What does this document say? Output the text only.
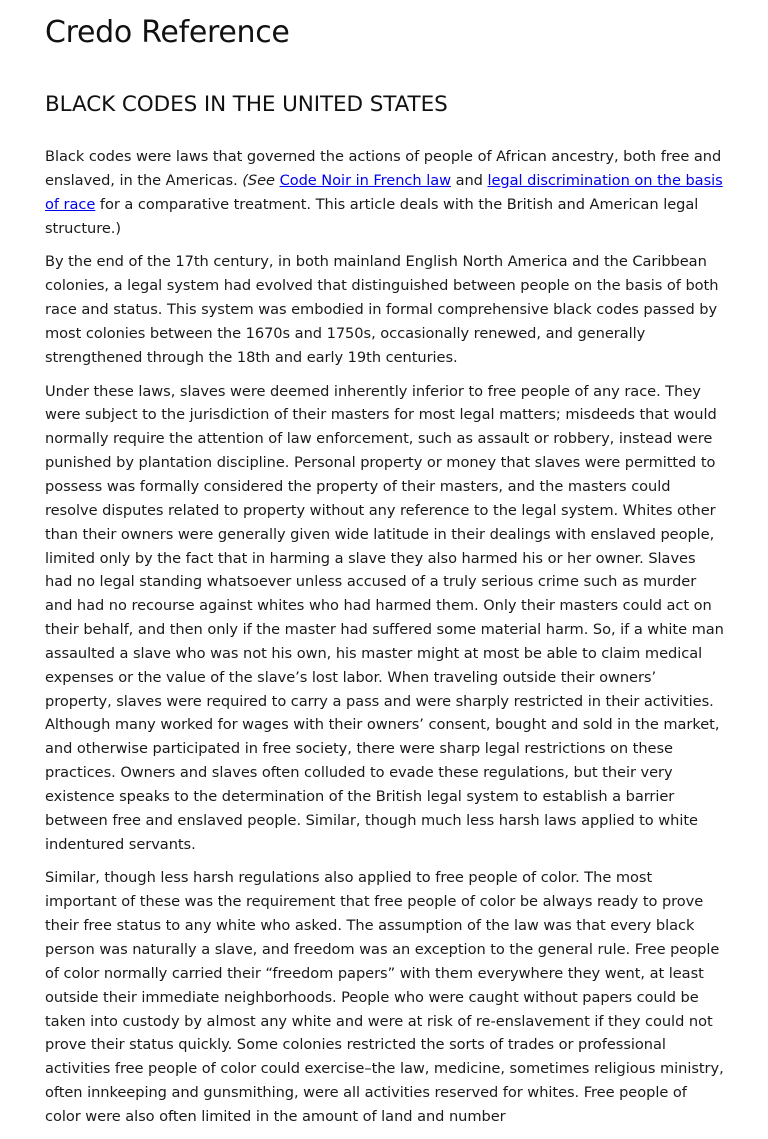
Credo Reference
BLACK CODES IN THE UNITED STATES

Black codes were laws that governed the actions of people of African ancestry, both free and enslaved, in the Americas. (See Code Noir in French law and legal discrimination on the basis of race for a comparative treatment. This article deals with the British and American legal structure.)

By the end of the 17th century, in both mainland English North America and the Caribbean colonies, a legal system had evolved that distinguished between people on the basis of both race and status. This system was embodied in formal comprehensive black codes passed by most colonies between the 1670s and 1750s, occasionally renewed, and generally strengthened through the 18th and early 19th centuries.

Under these laws, slaves were deemed inherently inferior to free people of any race. They were subject to the jurisdiction of their masters for most legal matters; misdeeds that would normally require the attention of law enforcement, such as assault or robbery, instead were punished by plantation discipline. Personal property or money that slaves were permitted to possess was formally considered the property of their masters, and the masters could resolve disputes related to property without any reference to the legal system. Whites other than their owners were generally given wide latitude in their dealings with enslaved people, limited only by the fact that in harming a slave they also harmed his or her owner. Slaves had no legal standing whatsoever unless accused of a truly serious crime such as murder and had no recourse against whites who had harmed them. Only their masters could act on their behalf, and then only if the master had suffered some material harm. So, if a white man assaulted a slave who was not his own, his master might at most be able to claim medical expenses or the value of the slave’s lost labor. When traveling outside their owners’ property, slaves were required to carry a pass and were sharply restricted in their activities. Although many worked for wages with their owners’ consent, bought and sold in the market, and otherwise participated in free society, there were sharp legal restrictions on these practices. Owners and slaves often colluded to evade these regulations, but their very existence speaks to the determination of the British legal system to establish a barrier between free and enslaved people. Similar, though much less harsh laws applied to white indentured servants.

Similar, though less harsh regulations also applied to free people of color. The most important of these was the requirement that free people of color be always ready to prove their free status to any white who asked. The assumption of the law was that every black person was naturally a slave, and freedom was an exception to the general rule. Free people of color normally carried their “freedom papers” with them everywhere they went, at least outside their immediate neighborhoods. People who were caught without papers could be taken into custody by almost any white and were at risk of re-enslavement if they could not prove their status quickly. Some colonies restricted the sorts of trades or professional activities free people of color could exercise–the law, medicine, sometimes religious ministry, often innkeeping and gunsmithing, were all activities reserved for whites. Free people of color were also often limited in the amount of land and number
